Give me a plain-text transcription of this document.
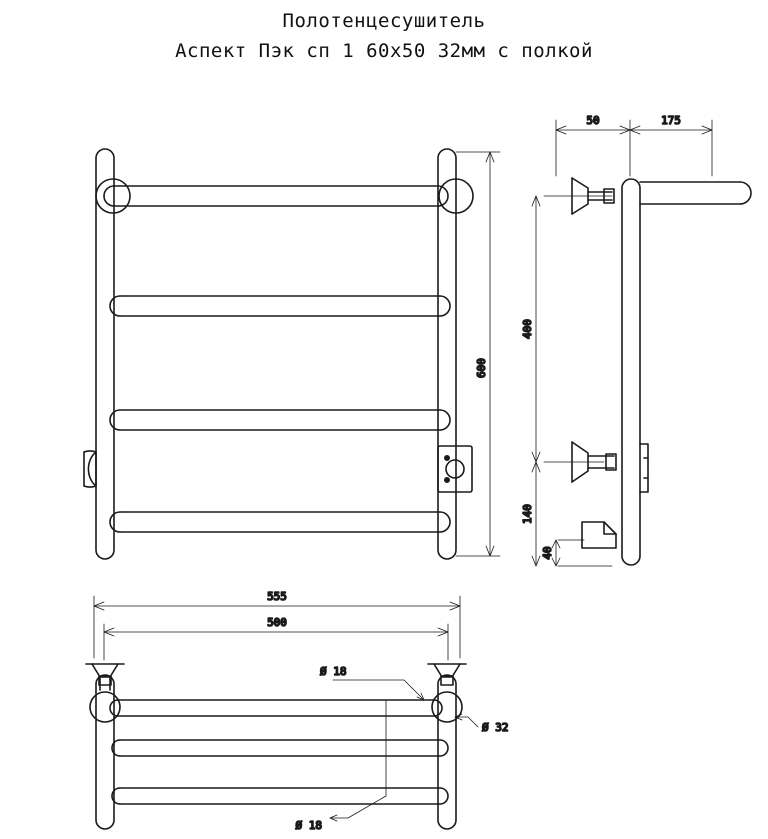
Полотенцесушитель
Аспект Пэк сп 1 60х50 32мм с полкой
600
50	175
400
140
40
555
500
Ø 18
Ø 32
Ø 18
